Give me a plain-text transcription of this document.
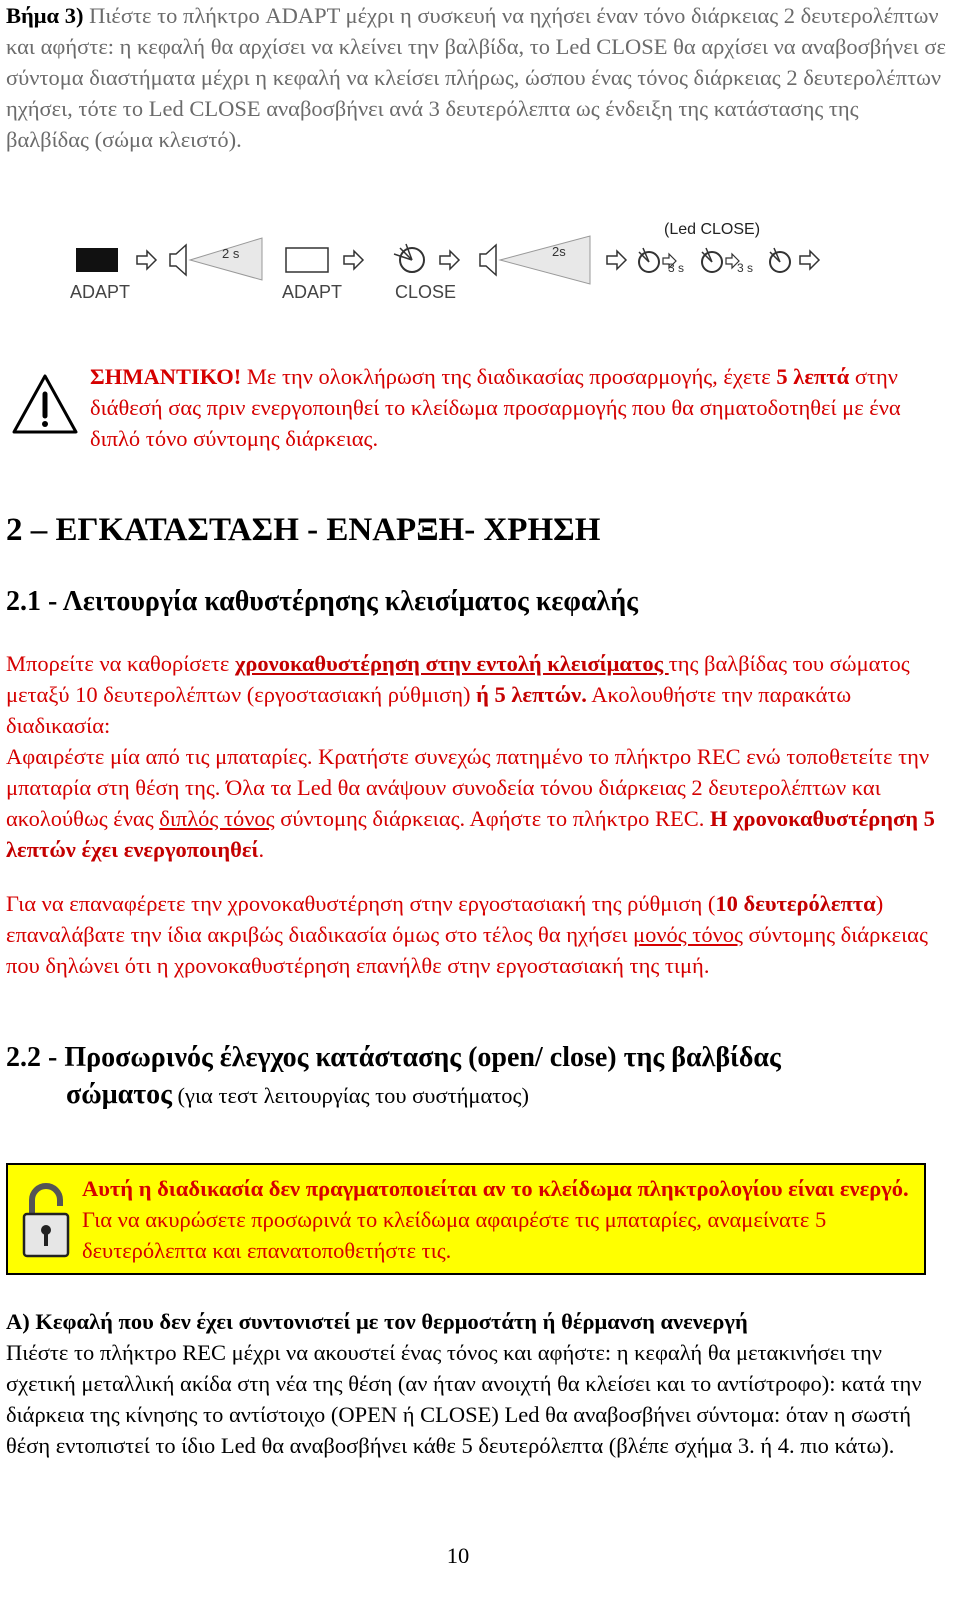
Βήμα 3) Πιέστε το πλήκτρο ADAPT μέχρι η συσκευή να ηχήσει έναν τόνο διάρκειας 2 δευτερολέπτων και αφήστε: η κεφαλή θα αρχίσει να κλείνει την βαλβίδα, το Led CLOSE θα αρχίσει να αναβοσβήνει σε σύντομα διαστήματα μέχρι η κεφαλή να κλείσει πλήρως, ώσπου ένας τόνος διάρκειας 2 δευτερολέπτων ηχήσει, τότε το Led CLOSE αναβοσβήνει ανά 3 δευτερόλεπτα ως ένδειξη της κατάστασης της βαλβίδας (σώμα κλειστό).
ADAPT
2 s
ADAPT	CLOSE
2s
(Led CLOSE)
3 s	3 s
ΣΗΜΑΝΤΙΚΟ! Με την ολοκλήρωση της διαδικασίας προσαρμογής, έχετε 5 λεπτά στην διάθεσή σας πριν ενεργοποιηθεί το κλείδωμα προσαρμογής που θα σηματοδοτηθεί με ένα διπλό τόνο σύντομης διάρκειας.
2 – ΕΓΚΑΤΑΣΤΑΣΗ - ΕΝΑΡΞΗ- ΧΡΗΣΗ
2.1 - Λειτουργία καθυστέρησης κλεισίματος κεφαλής
Μπορείτε να καθορίσετε χρονοκαθυστέρηση στην εντολή κλεισίματος της βαλβίδας του σώματος μεταξύ 10 δευτερολέπτων (εργοστασιακή ρύθμιση) ή 5 λεπτών. Ακολουθήστε την παρακάτω διαδικασία:
Αφαιρέστε μία από τις μπαταρίες. Κρατήστε συνεχώς πατημένο το πλήκτρο REC ενώ τοποθετείτε την μπαταρία στη θέση της. Όλα τα Led θα ανάψουν συνοδεία τόνου διάρκειας 2 δευτερολέπτων και ακολούθως ένας διπλός τόνος σύντομης διάρκειας. Αφήστε το πλήκτρο REC. Η χρονοκαθυστέρηση 5 λεπτών έχει ενεργοποιηθεί.
Για να επαναφέρετε την χρονοκαθυστέρηση στην εργοστασιακή της ρύθμιση (10 δευτερόλεπτα) επαναλάβατε την ίδια ακριβώς διαδικασία όμως στο τέλος θα ηχήσει μονός τόνος σύντομης διάρκειας που δηλώνει ότι η χρονοκαθυστέρηση επανήλθε στην εργοστασιακή της τιμή.
2.2 - Προσωρινός έλεγχος κατάστασης (open/ close) της βαλβίδας
σώματος (για τεστ λειτουργίας του συστήματος)
Αυτή η διαδικασία δεν πραγματοποιείται αν το κλείδωμα πληκτρολογίου είναι ενεργό. Για να ακυρώσετε προσωρινά το κλείδωμα αφαιρέστε τις μπαταρίες, αναμείνατε 5 δευτερόλεπτα και επανατοποθετήστε τις.
Α) Κεφαλή που δεν έχει συντονιστεί με τον θερμοστάτη ή θέρμανση ανενεργή
Πιέστε το πλήκτρο REC μέχρι να ακουστεί ένας τόνος και αφήστε: η κεφαλή θα μετακινήσει την σχετική μεταλλική ακίδα στη νέα της θέση (αν ήταν ανοιχτή θα κλείσει και το αντίστροφο): κατά την διάρκεια της κίνησης το αντίστοιχο (OPEN ή CLOSE) Led θα αναβοσβήνει σύντομα: όταν η σωστή θέση εντοπιστεί το ίδιο Led θα αναβοσβήνει κάθε 5 δευτερόλεπτα (βλέπε σχήμα 3. ή 4. πιο κάτω).
10
